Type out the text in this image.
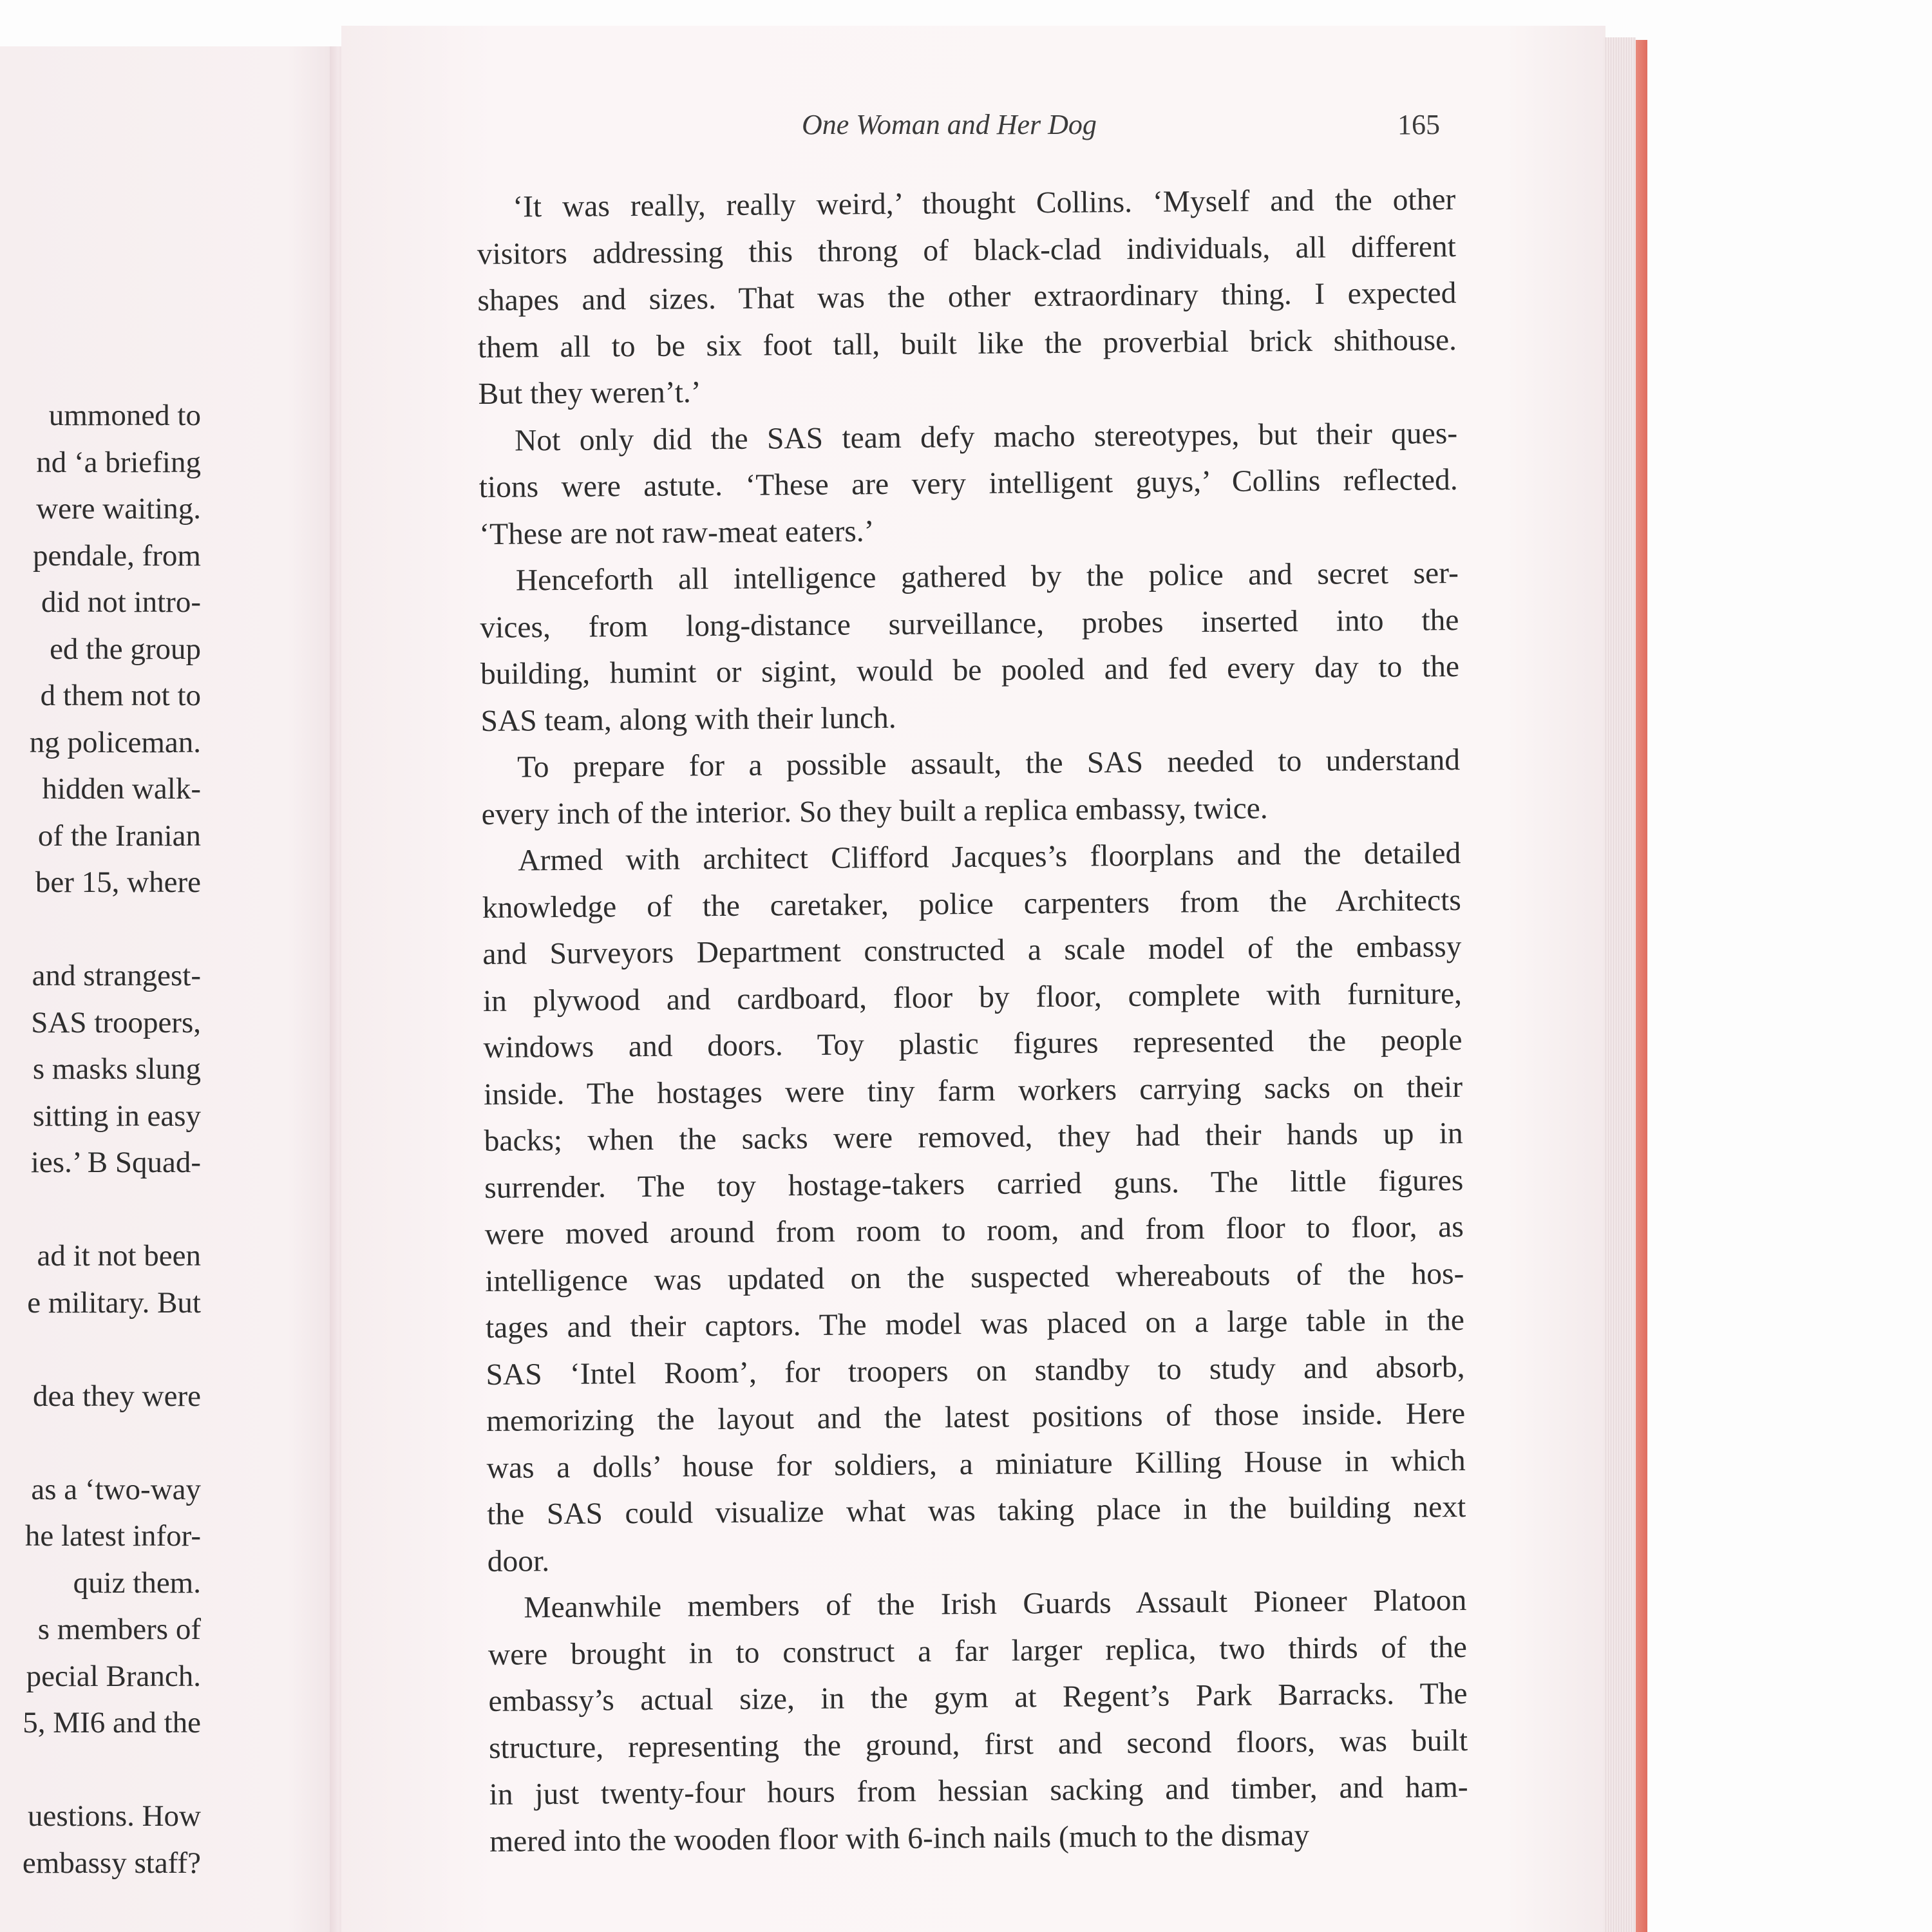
ummoned to
nd ‘a briefing
were waiting.
pendale, from
did not intro-
ed the group
d them not to
ng policeman.
hidden walk-
of the Iranian
ber 15, where
and strangest-
SAS troopers,
s masks slung
sitting in easy
ies.’ B Squad-
ad it not been
e military. But
dea they were
as a ‘two-way
he latest infor-
quiz them.
s members of
pecial Branch.
5, MI6 and the
uestions. How
embassy staff?
One Woman and Her Dog	165

‘It was really, really weird,’ thought Collins. ‘Myself and the other

visitors addressing this throng of black-clad individuals, all different

shapes and sizes. That was the other extraordinary thing. I expected

them all to be six foot tall, built like the proverbial brick shithouse.

But they weren’t.’

Not only did the SAS team defy macho stereotypes, but their ques-

tions were astute. ‘These are very intelligent guys,’ Collins reflected.

‘These are not raw-meat eaters.’

Henceforth all intelligence gathered by the police and secret ser-

vices, from long-distance surveillance, probes inserted into the

building, humint or sigint, would be pooled and fed every day to the

SAS team, along with their lunch.

To prepare for a possible assault, the SAS needed to understand

every inch of the interior. So they built a replica embassy, twice.

Armed with architect Clifford Jacques’s floorplans and the detailed

knowledge of the caretaker, police carpenters from the Architects

and Surveyors Department constructed a scale model of the embassy

in plywood and cardboard, floor by floor, complete with furniture,

windows and doors. Toy plastic figures represented the people

inside. The hostages were tiny farm workers carrying sacks on their

backs; when the sacks were removed, they had their hands up in

surrender. The toy hostage-takers carried guns. The little figures

were moved around from room to room, and from floor to floor, as

intelligence was updated on the suspected whereabouts of the hos-

tages and their captors. The model was placed on a large table in the

SAS ‘Intel Room’, for troopers on standby to study and absorb,

memorizing the layout and the latest positions of those inside. Here

was a dolls’ house for soldiers, a miniature Killing House in which

the SAS could visualize what was taking place in the building next

door.

Meanwhile members of the Irish Guards Assault Pioneer Platoon

were brought in to construct a far larger replica, two thirds of the

embassy’s actual size, in the gym at Regent’s Park Barracks. The

structure, representing the ground, first and second floors, was built

in just twenty-four hours from hessian sacking and timber, and ham-

mered into the wooden floor with 6-inch nails (much to the dismay
